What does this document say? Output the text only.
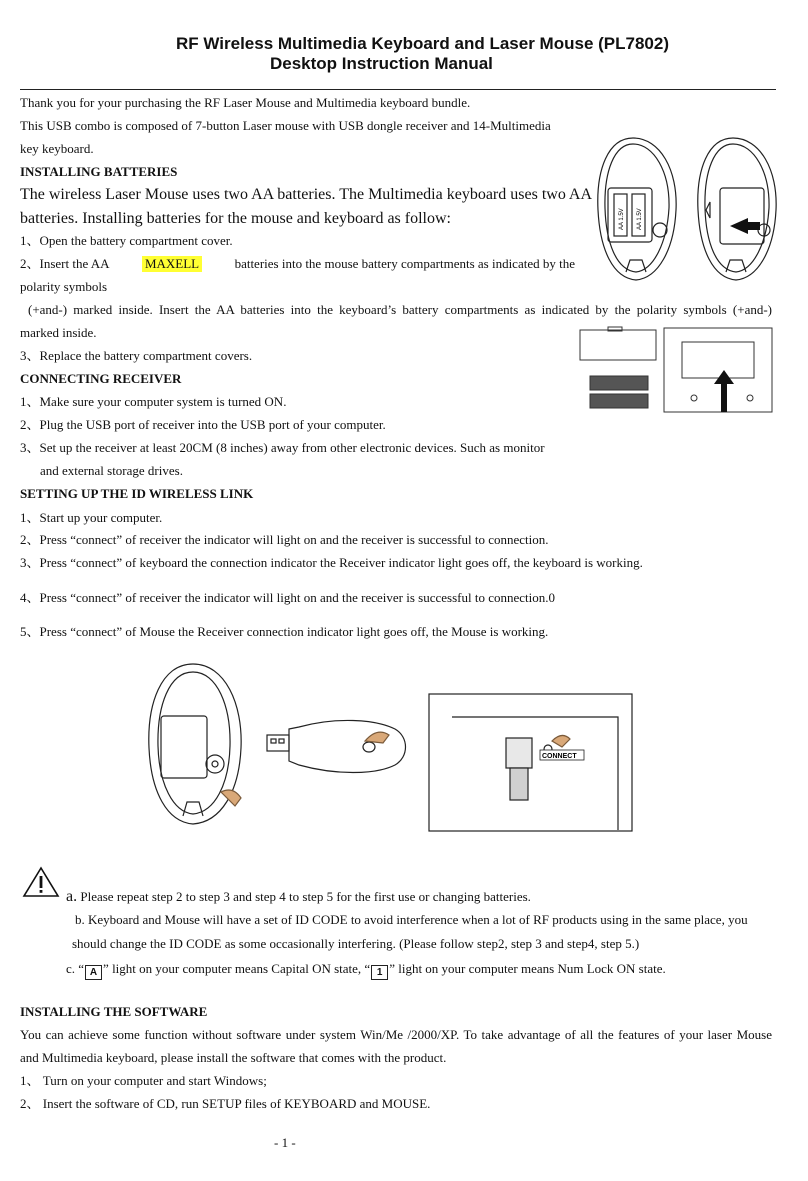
RF Wireless Multimedia Keyboard and Laser Mouse (PL7802)
Desktop Instruction Manual
Thank you for your purchasing the RF Laser Mouse and Multimedia keyboard bundle.
This USB combo is composed of 7-button Laser mouse with USB dongle receiver and 14-Multimedia
key keyboard.
INSTALLING BATTERIES
The wireless Laser Mouse uses two AA batteries. The Multimedia keyboard uses two AA
batteries. Installing batteries for the mouse and keyboard as follow:
1、Open the battery compartment cover.
2、Insert the AA	MAXELL	batteries into the mouse battery compartments as indicated by the
polarity symbols
(+and-) marked inside. Insert the AA batteries into the keyboard’s battery compartments as indicated by the polarity symbols (+and-)
marked inside.
3、Replace the battery compartment covers.
CONNECTING RECEIVER
1、Make sure your computer system is turned ON.
2、Plug the USB port of receiver into the USB port of your computer.
3、Set up the receiver at least 20CM (8 inches) away from other electronic devices. Such as monitor
and external storage drives.
SETTING UP THE ID WIRELESS LINK
1、Start up your computer.
2、Press “connect” of receiver the indicator will light on and the receiver is successful to connection.
3、Press “connect” of keyboard the connection indicator the Receiver indicator light goes off, the keyboard is working.
4、Press “connect” of receiver the indicator will light on and the receiver is successful to connection.0
5、Press “connect” of Mouse the Receiver connection indicator light goes off, the Mouse is working.
AA 1.5V AA 1.5V
CONNECT
a. Please repeat step 2 to step 3 and step 4 to step 5 for the first use or changing batteries.
b. Keyboard and Mouse will have a set of ID CODE to avoid interference when a lot of RF products using in the same place, you
should change the ID CODE as some occasionally interfering. (Please follow step2, step 3 and step4, step 5.)
c. “ A ” light on your computer means Capital ON state, “ 1 ” light on your computer means Num Lock ON state.
INSTALLING THE SOFTWARE
You can achieve some function without software under system Win/Me /2000/XP. To take advantage of all the features of your laser Mouse
and Multimedia keyboard, please install the software that comes with the product.
1、 Turn on your computer and start Windows;
2、 Insert the software of CD, run SETUP files of KEYBOARD and MOUSE.
- 1 -
